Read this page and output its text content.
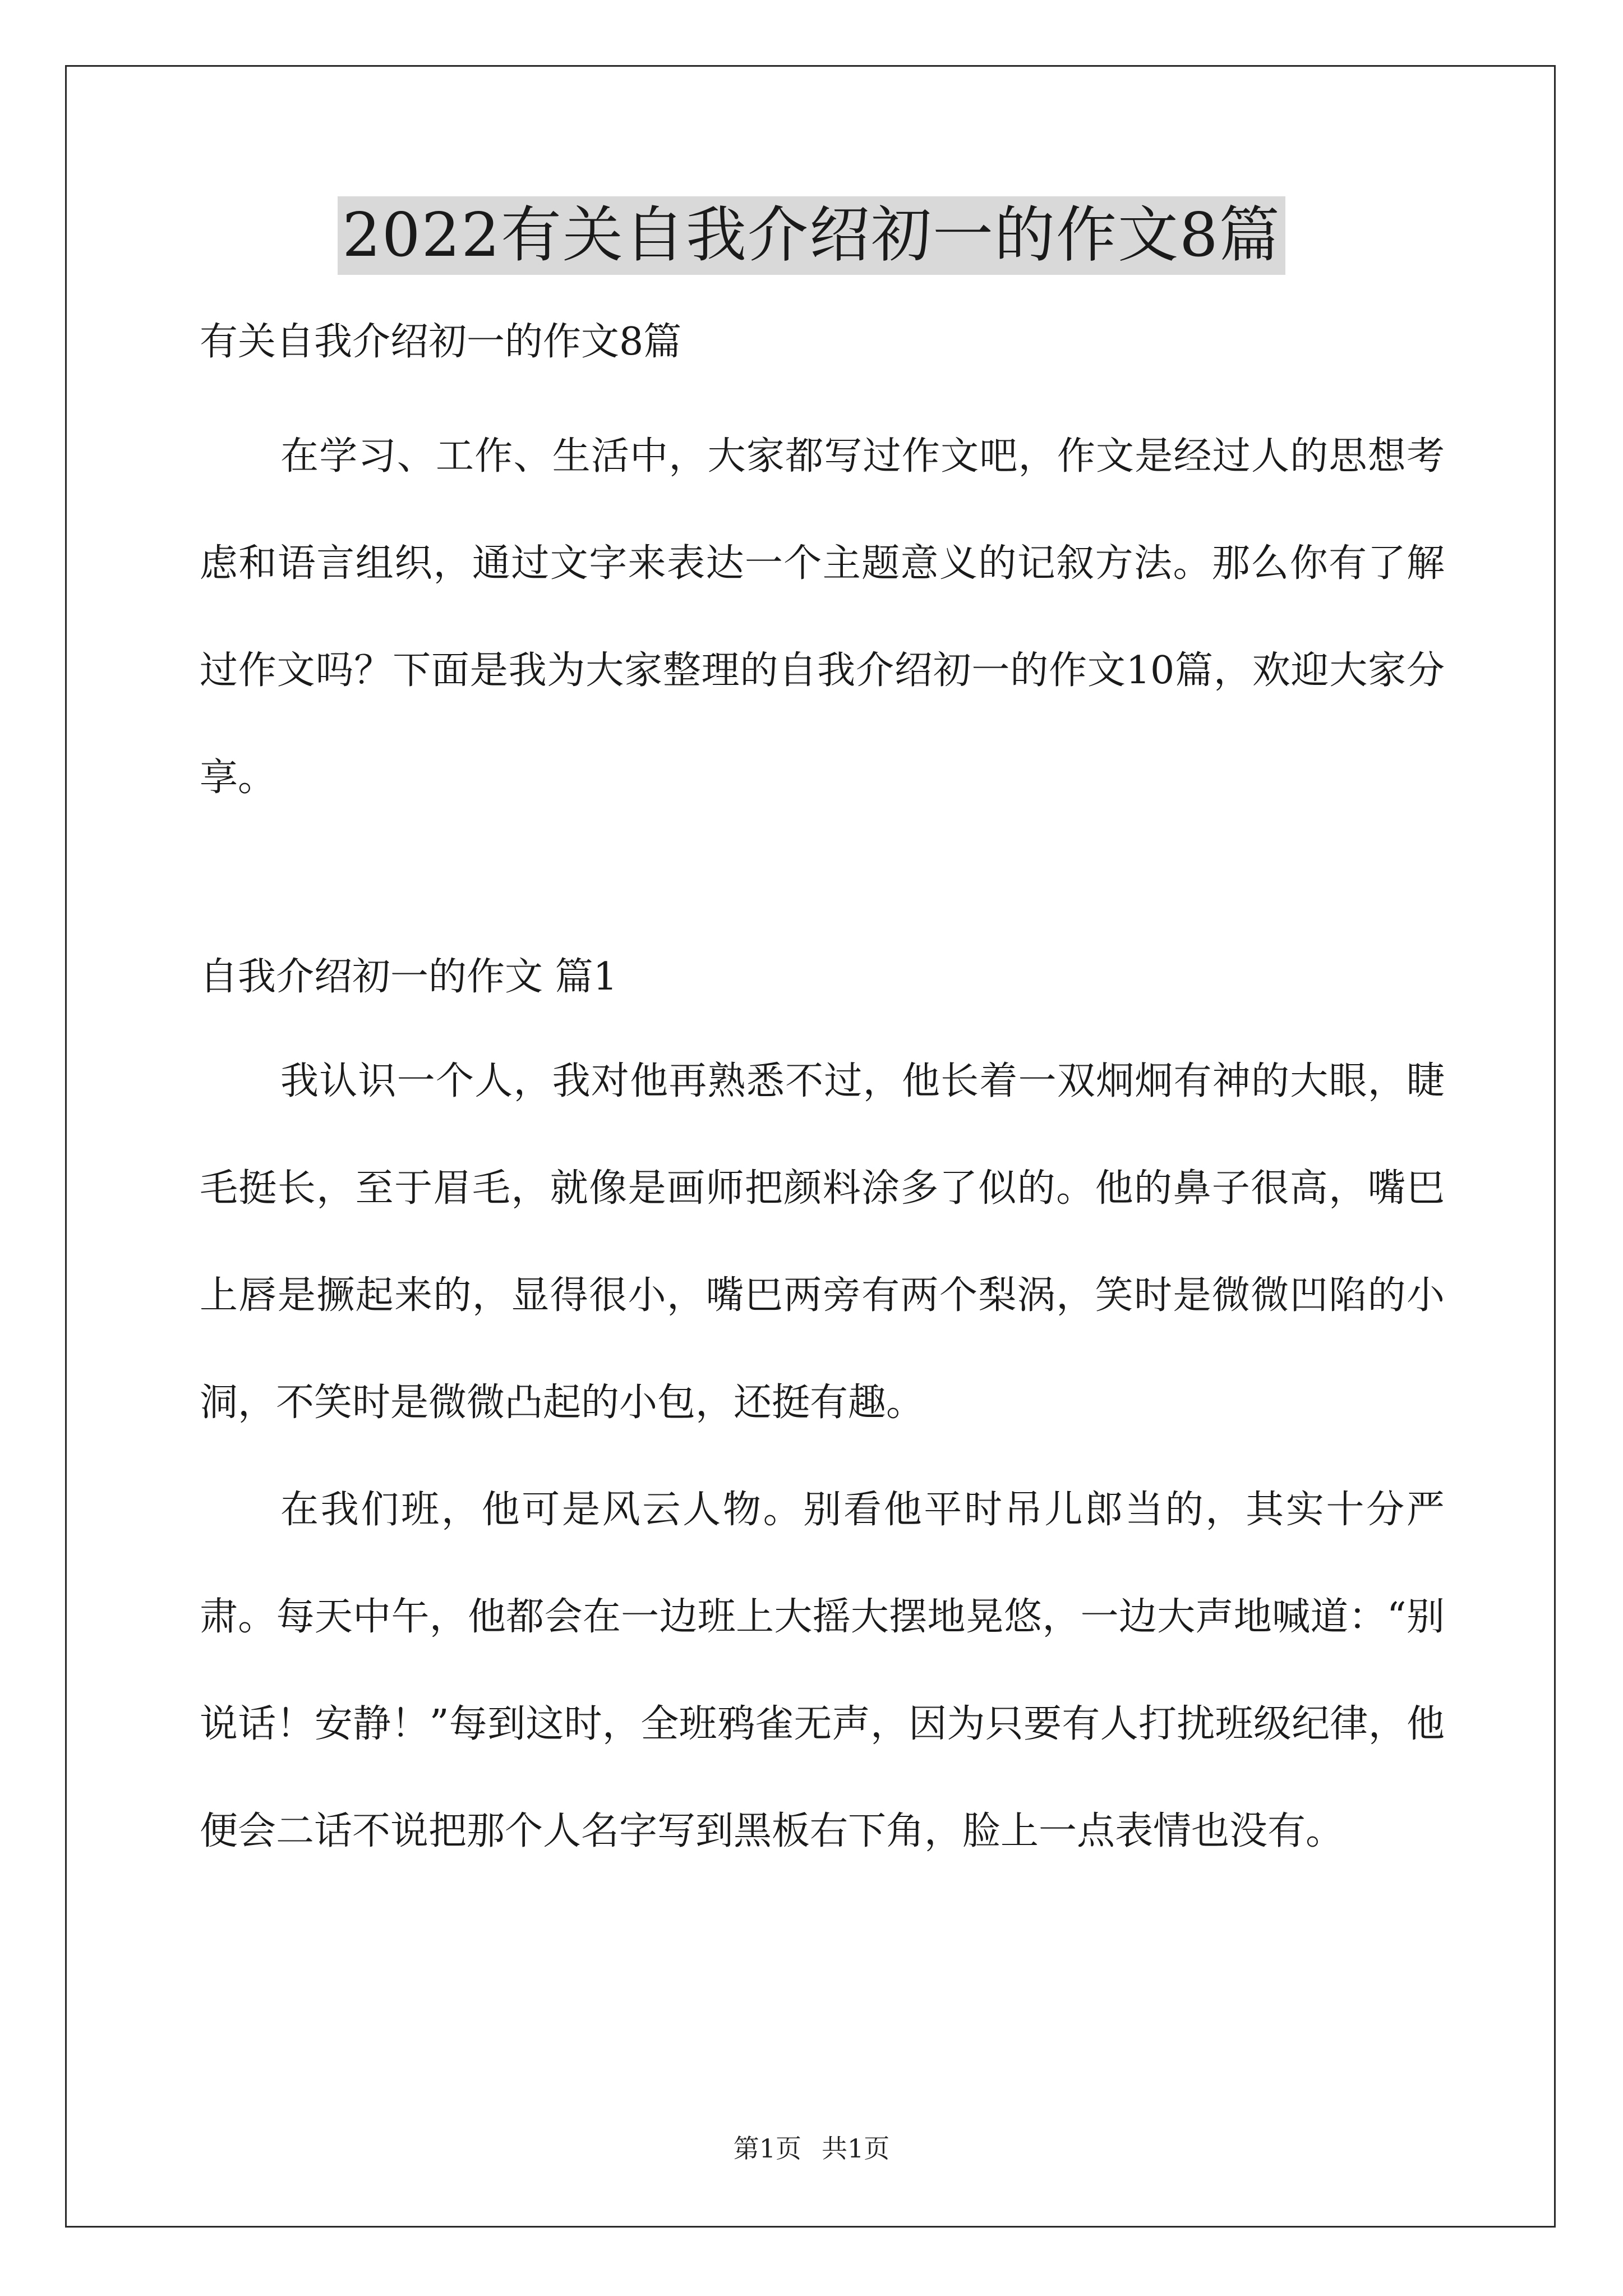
2022有关自我介绍初一的作文8篇

有关自我介绍初一的作文8篇

在学习、工作、生活中，大家都写过作文吧，作文是经过人的思想考虑和语言组织，通过文字来表达一个主题意义的记叙方法。那么你有了解过作文吗？下面是我为大家整理的自我介绍初一的作文10篇，欢迎大家分享。

自我介绍初一的作文 篇1

我认识一个人，我对他再熟悉不过，他长着一双炯炯有神的大眼，睫毛挺长，至于眉毛，就像是画师把颜料涂多了似的。他的鼻子很高，嘴巴上唇是撅起来的，显得很小，嘴巴两旁有两个梨涡，笑时是微微凹陷的小洞，不笑时是微微凸起的小包，还挺有趣。

在我们班，他可是风云人物。别看他平时吊儿郎当的，其实十分严肃。每天中午，他都会在一边班上大摇大摆地晃悠，一边大声地喊道：“别说话！安静！”每到这时，全班鸦雀无声，因为只要有人打扰班级纪律，他便会二话不说把那个人名字写到黑板右下角，脸上一点表情也没有。

第1页 共1页
